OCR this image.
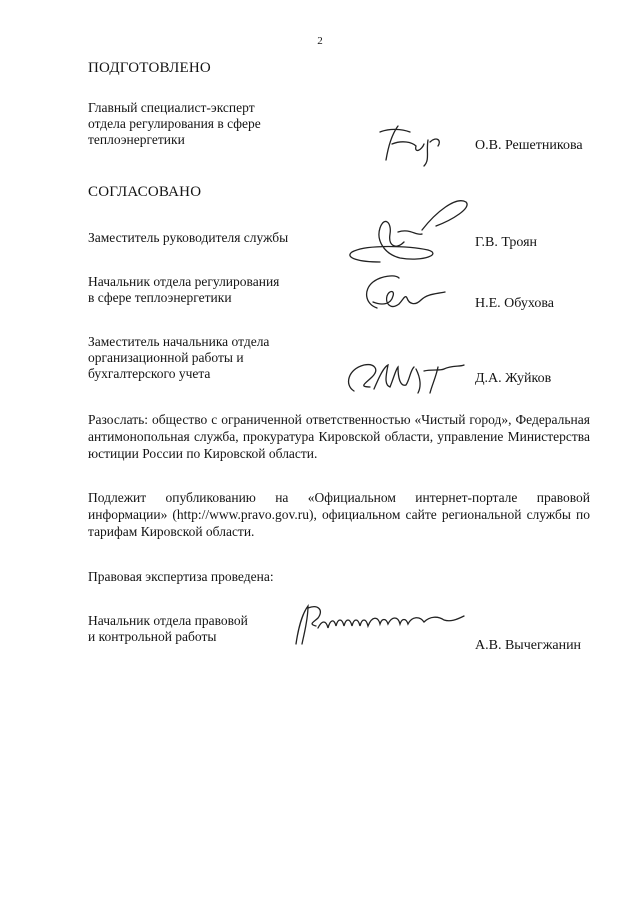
2
ПОДГОТОВЛЕНО
Главный специалист-эксперт
отдела регулирования в сфере
теплоэнергетики	О.В. Решетникова
СОГЛАСОВАНО
Заместитель руководителя службы	Г.В. Троян
Начальник отдела регулирования
в сфере теплоэнергетики	Н.Е. Обухова
Заместитель начальника отдела
организационной работы и
бухгалтерского учета	Д.А. Жуйков
Разослать: общество с ограниченной ответственностью «Чистый город», Федеральная антимонопольная служба, прокуратура Кировской области, управление Министерства юстиции России по Кировской области.
Подлежит опубликованию на «Официальном интернет-портале правовой информации» (http://www.pravo.gov.ru), официальном сайте региональной службы по тарифам Кировской области.
Правовая экспертиза проведена:
Начальник отдела правовой
и контрольной работы
А.В. Вычегжанин
